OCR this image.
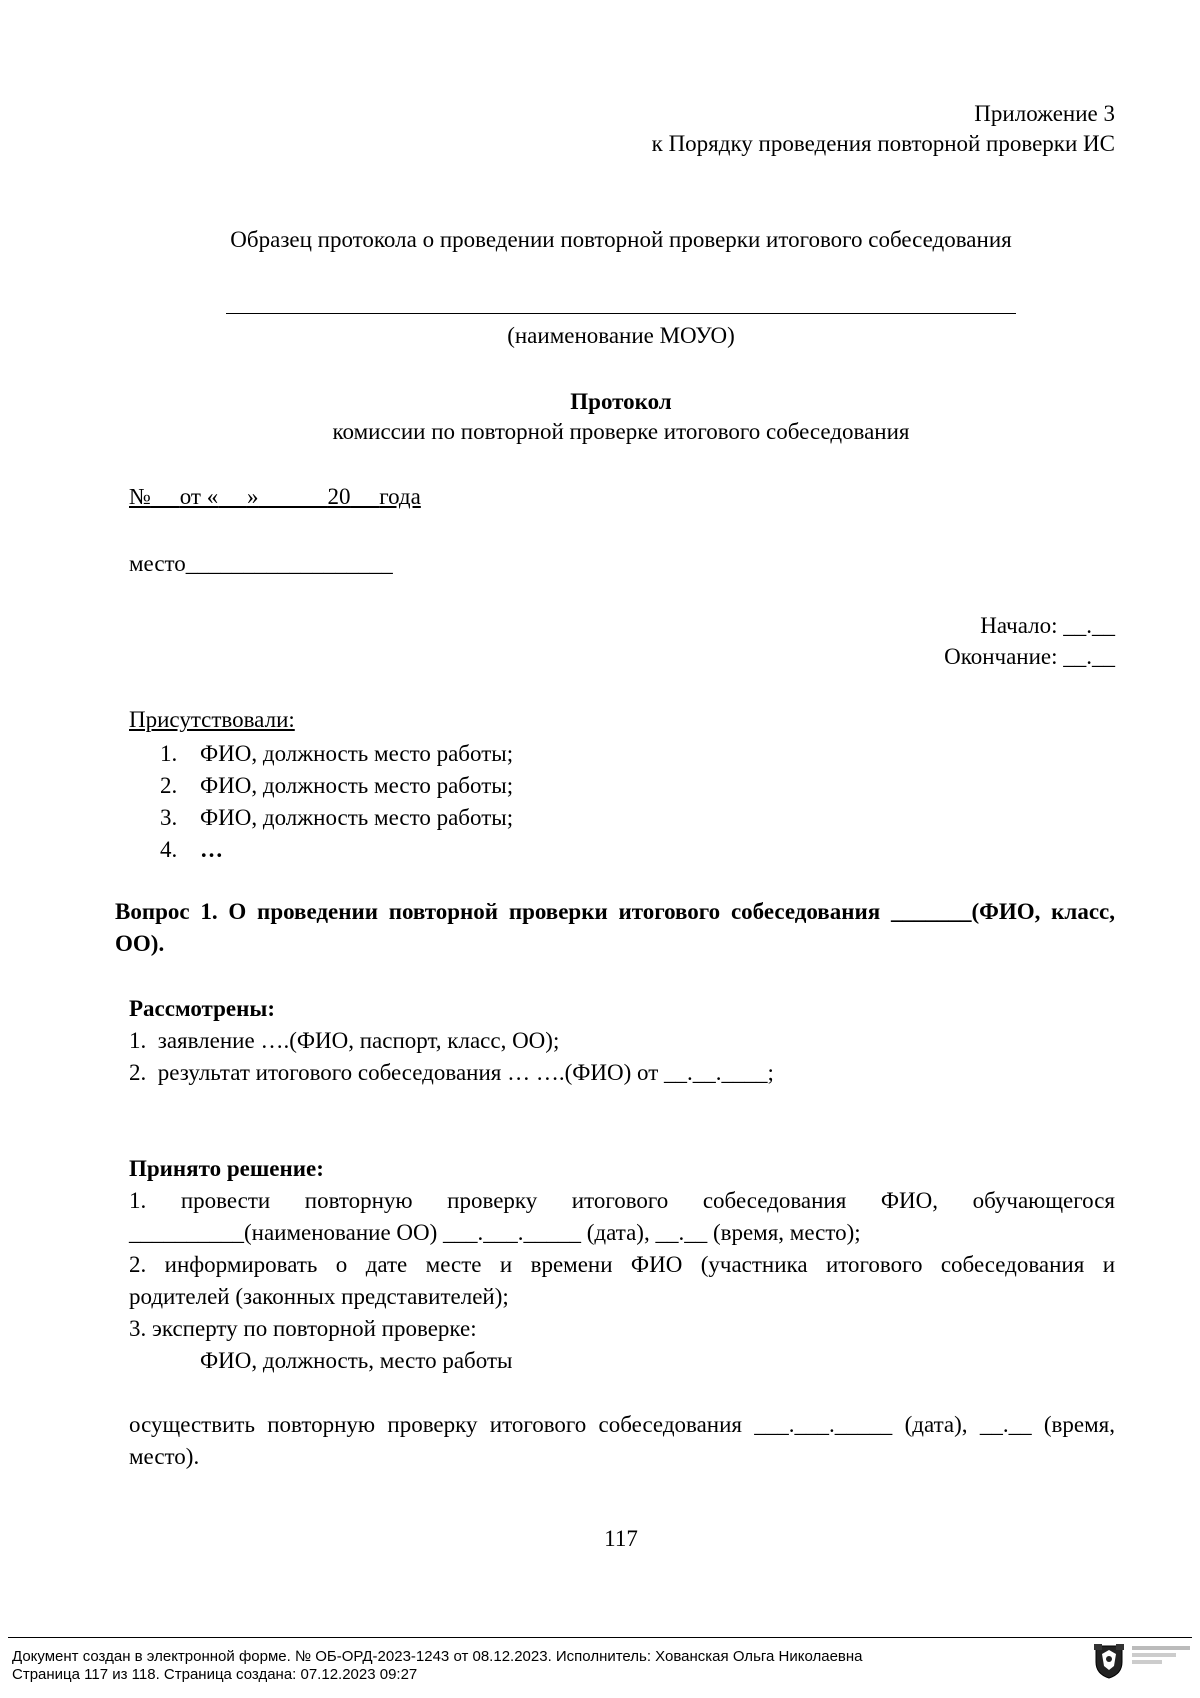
Приложение 3
к Порядку проведения повторной проверки ИС
Образец протокола о проведении повторной проверки итогового собеседования
(наименование МОУО)
Протокол
комиссии по повторной проверке итогового собеседования
№ от « »	20 года
место__________________
Начало: __.__
Окончание: __.__
Присутствовали:
1. ФИО, должность место работы;
2. ФИО, должность место работы;
3. ФИО, должность место работы;
4. …
Вопрос 1. О проведении повторной проверки итогового собеседования _______(ФИО, класс,
ОО).
Рассмотрены:
1.  заявление ….(ФИО, паспорт, класс, ОО);
2.  результат итогового собеседования … ….(ФИО) от __.__.____;
Принято решение:
1. провести повторную проверку итогового собеседования ФИО, обучающегося
__________(наименование ОО) ___.___._____ (дата), __.__ (время, место);
2. информировать о дате месте и времени ФИО (участника итогового собеседования и
родителей (законных представителей);
3. эксперту по повторной проверке:
ФИО, должность, место работы
осуществить повторную проверку итогового собеседования ___.___._____ (дата), __.__ (время,
место).
117
Документ создан в электронной форме. № ОБ-ОРД-2023-1243 от 08.12.2023. Исполнитель: Хованская Ольга Николаевна
Страница 117 из 118. Страница создана: 07.12.2023 09:27
